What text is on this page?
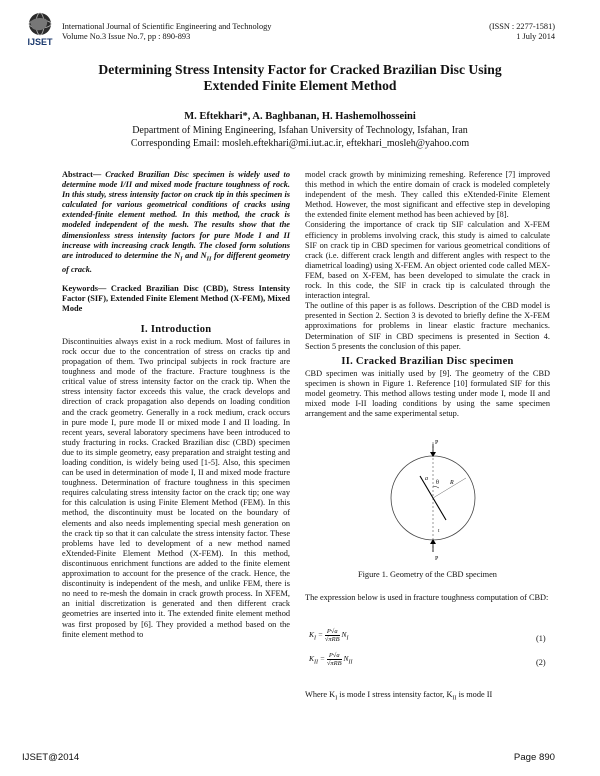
IJSET
International Journal of Scientific Engineering and Technology
Volume No.3 Issue No.7, pp : 890-893
(ISSN : 2277-1581)
1 July 2014
Determining Stress Intensity Factor for Cracked Brazilian Disc Using
Extended Finite Element Method
M. Eftekhari*, A. Baghbanan, H. Hashemolhosseini
Department of Mining Engineering, Isfahan University of Technology, Isfahan, Iran
Corresponding Email: mosleh.eftekhari@mi.iut.ac.ir, eftekhari_mosleh@yahoo.com

Abstract— Cracked Brazilian Disc specimen is widely used to determine mode I/II and mixed mode fracture toughness of rock. In this study, stress intensity factor on crack tip in this specimen is calculated for various geometrical conditions of cracks using extended-finite element method. In this method, the crack is modeled independent of the mesh. The results show that the dimensionless stress intensity factors for pure Mode I and II increase with increasing crack length. The closed form solutions are introduced to determine the $N_I$ and $N_{II}$ for different geometry of crack.

Keywords— Cracked Brazilian Disc (CBD), Stress Intensity Factor (SIF), Extended Finite Element Method (X-FEM), Mixed Mode

I. Introduction

Discontinuities always exist in a rock medium. Most of failures in rock occur due to the concentration of stress on cracks tip and propagation of them. Two principal subjects in rock fracture are toughness and mode of the fracture. Fracture toughness is the critical value of stress intensity factor on the crack tip. When the stress intensity factor exceeds this value, the crack develops and direction of crack propagation also depends on loading condition and the crack geometry. Generally in a rock medium, crack occurs in pure mode I, pure mode II or mixed mode I and II loading. In recent years, several laboratory specimens have been introduced to study fracturing in rocks. Cracked Brazilian disc (CBD) specimen due to its simple geometry, easy preparation and straight testing and loading condition, is widely being used [1-5]. Also, this specimen can be used in determination of mode I, II and mixed mode fracture toughness. Determination of fracture toughness in this specimen requires calculating stress intensity factor on the crack tip; one way for this calculation is using Finite Element Method (FEM). In this method, the discontinuity must be located on the boundary of elements and also needs implementing special mesh generation on the crack tip so that it can calculate the stress intensity factor. These problems have led to development of a new method named eXtended-Finite Element Method (X-FEM). In this method, discontinuous enrichment functions are added to the finite element approximation to account for the presence of the crack. Hence, the discontinuity is independent of the mesh, and unlike FEM, there is no need to re-mesh the domain in crack growth process. In XFEM, an initial discretization is generated and then different crack geometries are inserted into it. The extended finite element method was first proposed by [6]. They provided a method based on the finite element method to

model crack growth by minimizing remeshing. Reference [7] improved this method in which the entire domain of crack is modeled completely independent of the mesh. They called this eXtended-Finite Element Method. However, the most significant and effective step in developing the extended finite element method has been achieved by [8].

Considering the importance of crack tip SIF calculation and X-FEM efficiency in problems involving crack, this study is aimed to calculate SIF on crack tip in CBD specimen for various geometrical conditions of crack (i.e. different crack length and different angles with respect to the diametrical loading) using X-FEM. An object oriented code called MEX-FEM, based on X-FEM, has been developed to simulate the crack in rock. In this code, the SIF in crack tip is calculated through the interaction integral.

The outline of this paper is as follows. Description of the CBD model is presented in Section 2. Section 3 is devoted to briefly define the X-FEM approximations for problems in linear elastic fracture mechanics. Determination of SIF in CBD specimens is presented in Section 4. Section 5 presents the conclusion of this paper.

II. Cracked Brazilian Disc specimen

CBD specimen was initially used by [9]. The geometry of the CBD specimen is shown in Figure 1. Reference [10] formulated SIF for this model geometry. This method allows testing under mode I, mode II and mixed mode I-II loading conditions by using the same specimen arrangement and the same experimental setup.

P
P
R
a
θ
t
Figure 1. Geometry of the CBD specimen
The expression below is used in fracture toughness computation of CBD:
$K_I = P√a$
√πRB
$N_I$	(1)
$K_{II} = P√a$
√πRB
$N_{II}$	(2)
Where $K_I$ is mode I stress intensity factor, $K_{II}$ is mode II
IJSET@2014	Page 890
